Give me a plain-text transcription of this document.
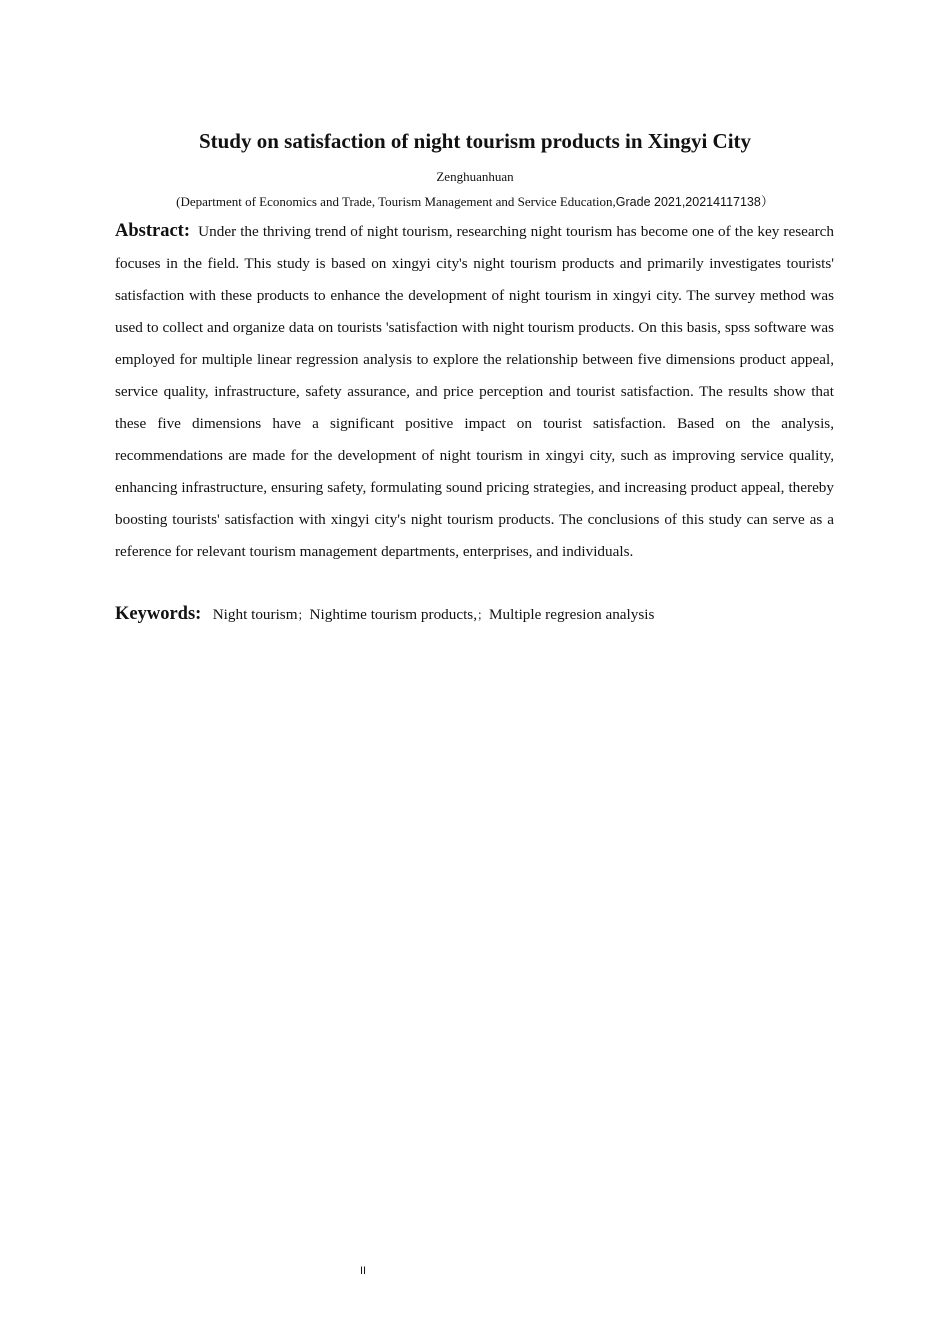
Study on satisfaction of night tourism products in Xingyi City
Zenghuanhuan
(Department of Economics and Trade, Tourism Management and Service Education,Grade 2021,20214117138）

Abstract: Under the thriving trend of night tourism, researching night tourism has become one of the key research focuses in the field. This study is based on xingyi city's night tourism products and primarily investigates tourists' satisfaction with these products to enhance the development of night tourism in xingyi city. The survey method was used to collect and organize data on tourists 'satisfaction with night tourism products. On this basis, spss software was employed for multiple linear regression analysis to explore the relationship between five dimensions product appeal, service quality, infrastructure, safety assurance, and price perception and tourist satisfaction. The results show that these five dimensions have a significant positive impact on tourist satisfaction. Based on the analysis, recommendations are made for the development of night tourism in xingyi city, such as improving service quality, enhancing infrastructure, ensuring safety, formulating sound pricing strategies, and increasing product appeal, thereby boosting tourists' satisfaction with xingyi city's night tourism products. The conclusions of this study can serve as a reference for relevant tourism management departments, enterprises, and individuals.

Keywords: Night tourism；Nightime tourism products,；Multiple regresion analysis

II
